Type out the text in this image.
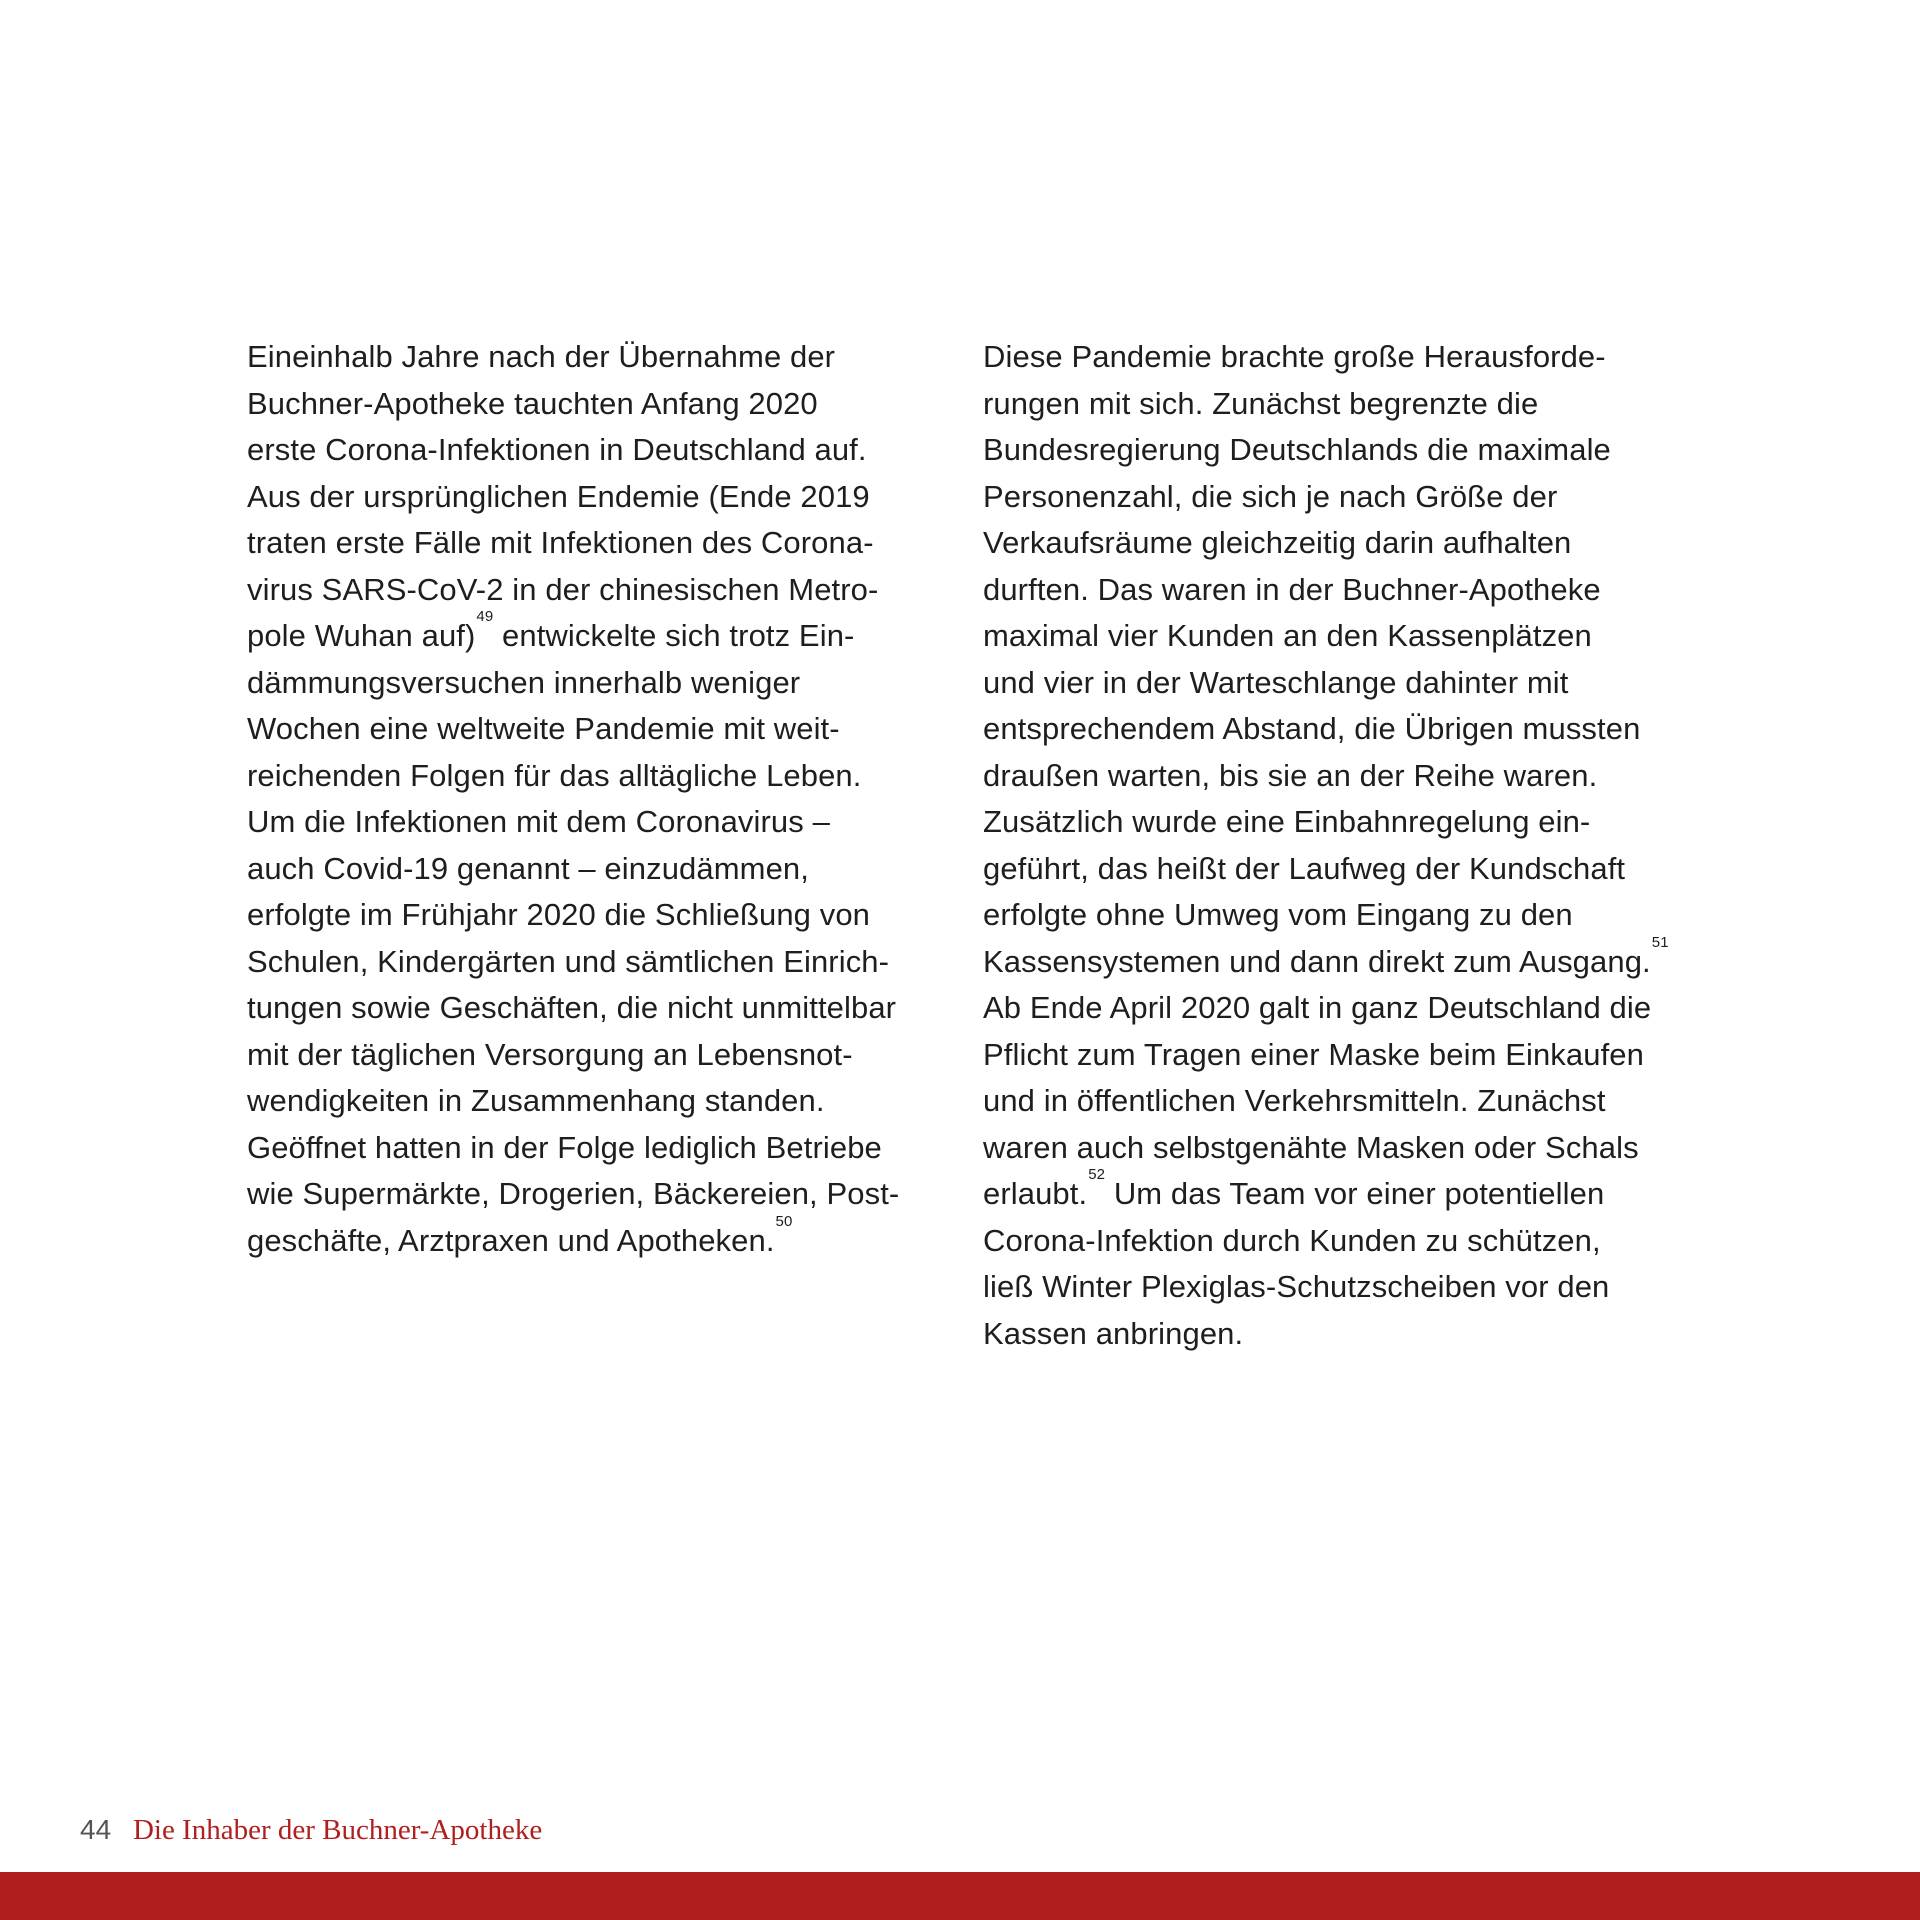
Eineinhalb Jahre nach der Übernahme der
Buchner-Apotheke tauchten Anfang 2020
erste Corona-Infektionen in Deutschland auf.
Aus der ursprünglichen Endemie (Ende 2019
traten erste Fälle mit Infektionen des Corona-
virus SARS-CoV-2 in der chinesischen Metro-
pole Wuhan auf)$^{49}$ entwickelte sich trotz Ein-
dämmungsversuchen innerhalb weniger
Wochen eine weltweite Pandemie mit weit-
reichenden Folgen für das alltägliche Leben.
Um die Infektionen mit dem Coronavirus –
auch Covid-19 genannt – einzudämmen,
erfolgte im Frühjahr 2020 die Schließung von
Schulen, Kindergärten und sämtlichen Einrich-
tungen sowie Geschäften, die nicht unmittelbar
mit der täglichen Versorgung an Lebensnot-
wendigkeiten in Zusammenhang standen.
Geöffnet hatten in der Folge lediglich Betriebe
wie Supermärkte, Drogerien, Bäckereien, Post-
geschäfte, Arztpraxen und Apotheken.$^{50}$
Diese Pandemie brachte große Herausforde-
rungen mit sich. Zunächst begrenzte die
Bundesregierung Deutschlands die maximale
Personenzahl, die sich je nach Größe der
Verkaufsräume gleichzeitig darin aufhalten
durften. Das waren in der Buchner-Apotheke
maximal vier Kunden an den Kassenplätzen
und vier in der Warteschlange dahinter mit
entsprechendem Abstand, die Übrigen mussten
draußen warten, bis sie an der Reihe waren.
Zusätzlich wurde eine Einbahnregelung ein-
geführt, das heißt der Laufweg der Kundschaft
erfolgte ohne Umweg vom Eingang zu den
Kassensystemen und dann direkt zum Ausgang.$^{51}$
Ab Ende April 2020 galt in ganz Deutschland die
Pflicht zum Tragen einer Maske beim Einkaufen
und in öffentlichen Verkehrsmitteln. Zunächst
waren auch selbstgenähte Masken oder Schals
erlaubt.$^{52}$ Um das Team vor einer potentiellen
Corona-Infektion durch Kunden zu schützen,
ließ Winter Plexiglas-Schutzscheiben vor den
Kassen anbringen.
44 Die Inhaber der Buchner-Apotheke
